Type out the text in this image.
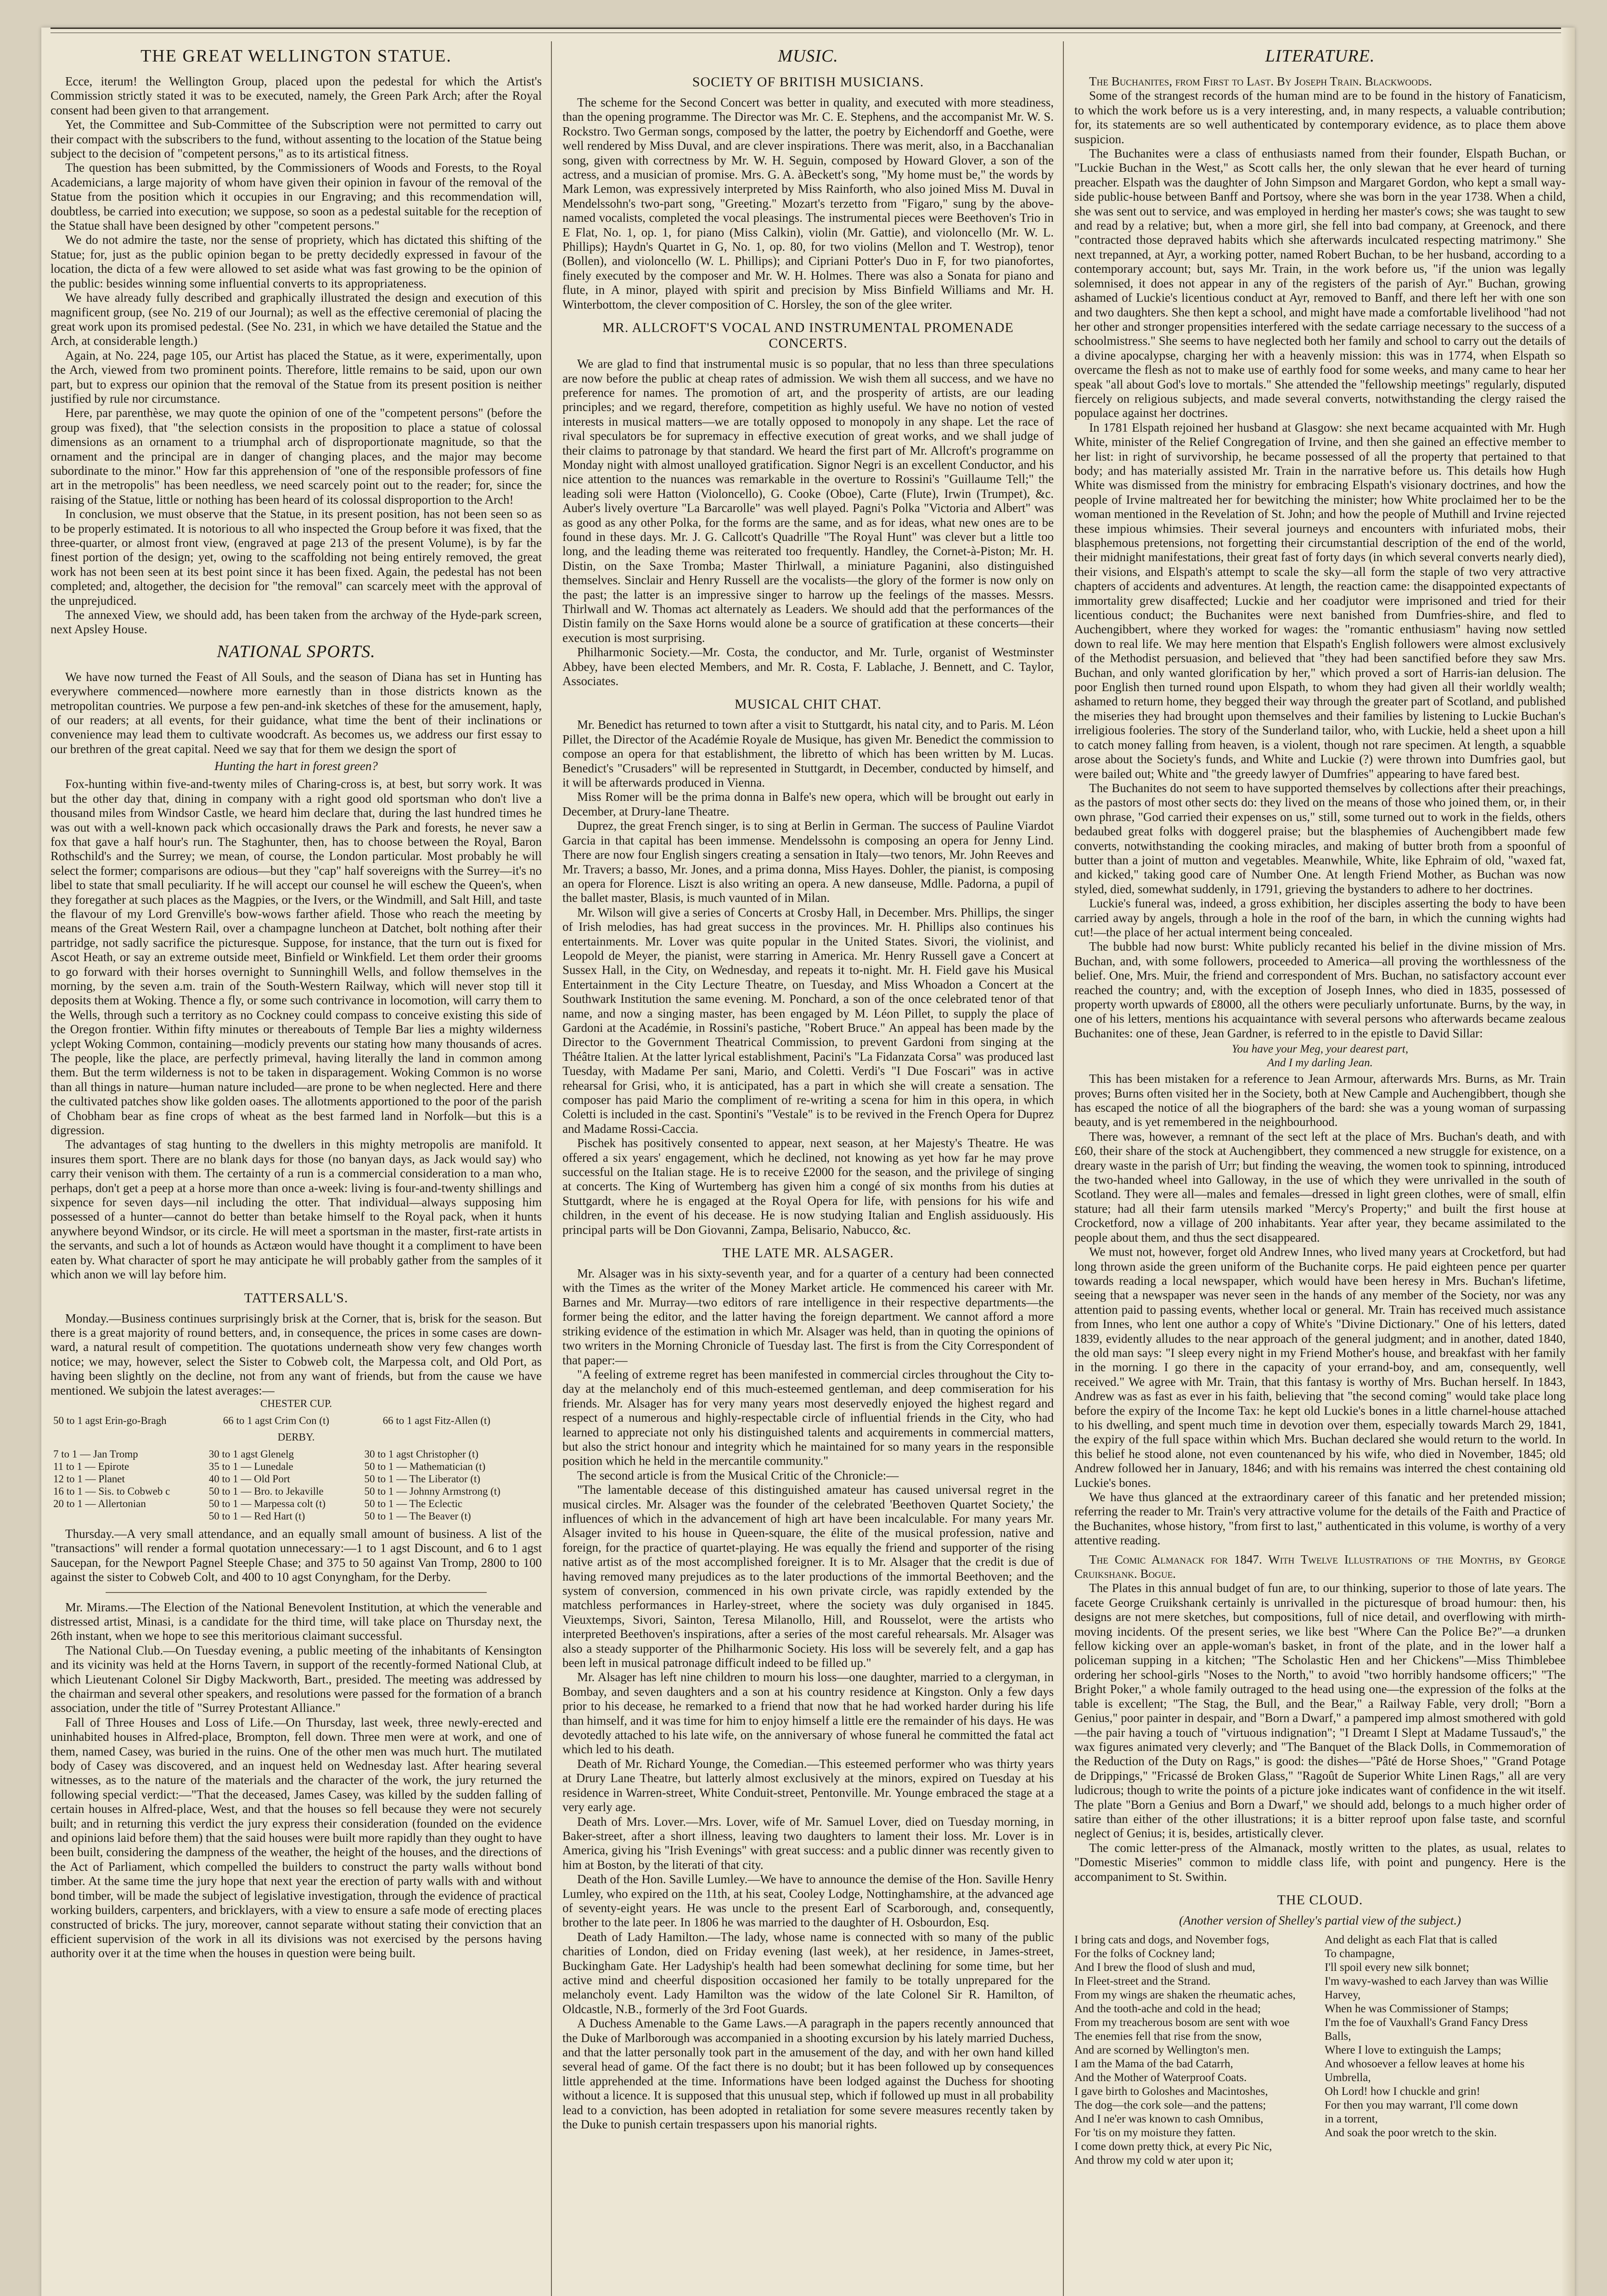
THE GREAT WELLINGTON STATUE.

Ecce, iterum! the Wellington Group, placed upon the pedestal for which the Artist's Commission strictly stated it was to be executed, namely, the Green Park Arch; after the Royal consent had been given to that arrangement.

Yet, the Committee and Sub-Committee of the Subscription were not permitted to carry out their compact with the subscribers to the fund, without assenting to the location of the Statue being subject to the decision of "competent persons," as to its artistical fitness.

The question has been submitted, by the Commissioners of Woods and Forests, to the Royal Academicians, a large majority of whom have given their opinion in favour of the removal of the Statue from the position which it occupies in our Engraving; and this recommendation will, doubtless, be carried into execution; we suppose, so soon as a pedestal suitable for the reception of the Statue shall have been designed by other "competent persons."

We do not admire the taste, nor the sense of propriety, which has dictated this shifting of the Statue; for, just as the public opinion began to be pretty decidedly expressed in favour of the location, the dicta of a few were allowed to set aside what was fast growing to be the opinion of the public: besides winning some influential converts to its appropriateness.

We have already fully described and graphically illustrated the design and execution of this magnificent group, (see No. 219 of our Journal); as well as the effective ceremonial of placing the great work upon its promised pedestal. (See No. 231, in which we have detailed the Statue and the Arch, at considerable length.)

Again, at No. 224, page 105, our Artist has placed the Statue, as it were, experimentally, upon the Arch, viewed from two prominent points. Therefore, little remains to be said, upon our own part, but to express our opinion that the removal of the Statue from its present position is neither justified by rule nor circumstance.

Here, par parenthèse, we may quote the opinion of one of the "competent persons" (before the group was fixed), that "the selection consists in the proposition to place a statue of colossal dimensions as an ornament to a triumphal arch of disproportionate magnitude, so that the ornament and the principal are in danger of changing places, and the major may become subordinate to the minor." How far this apprehension of "one of the responsible professors of fine art in the metropolis" has been needless, we need scarcely point out to the reader; for, since the raising of the Statue, little or nothing has been heard of its colossal disproportion to the Arch!

In conclusion, we must observe that the Statue, in its present position, has not been seen so as to be properly estimated. It is notorious to all who inspected the Group before it was fixed, that the three-quarter, or almost front view, (engraved at page 213 of the present Volume), is by far the finest portion of the design; yet, owing to the scaffolding not being entirely removed, the great work has not been seen at its best point since it has been fixed. Again, the pedestal has not been completed; and, altogether, the decision for "the removal" can scarcely meet with the approval of the unprejudiced.

The annexed View, we should add, has been taken from the archway of the Hyde-park screen, next Apsley House.

NATIONAL SPORTS.

We have now turned the Feast of All Souls, and the season of Diana has set in Hunting has everywhere commenced—nowhere more earnestly than in those districts known as the metropolitan countries. We purpose a few pen-and-ink sketches of these for the amusement, haply, of our readers; at all events, for their guidance, what time the bent of their inclinations or convenience may lead them to cultivate woodcraft. As becomes us, we address our first essay to our brethren of the great capital. Need we say that for them we design the sport of

Hunting the hart in forest green?

Fox-hunting within five-and-twenty miles of Charing-cross is, at best, but sorry work. It was but the other day that, dining in company with a right good old sportsman who don't live a thousand miles from Windsor Castle, we heard him declare that, during the last hundred times he was out with a well-known pack which occasionally draws the Park and forests, he never saw a fox that gave a half hour's run. The Staghunter, then, has to choose between the Royal, Baron Rothschild's and the Surrey; we mean, of course, the London particular. Most probably he will select the former; comparisons are odious—but they "cap" half sovereigns with the Surrey—it's no libel to state that small peculiarity. If he will accept our counsel he will eschew the Queen's, when they foregather at such places as the Magpies, or the Ivers, or the Windmill, and Salt Hill, and taste the flavour of my Lord Grenville's bow-wows farther afield. Those who reach the meeting by means of the Great Western Rail, over a champagne luncheon at Datchet, bolt nothing after their partridge, not sadly sacrifice the picturesque. Suppose, for instance, that the turn out is fixed for Ascot Heath, or say an extreme outside meet, Binfield or Winkfield. Let them order their grooms to go forward with their horses overnight to Sunninghill Wells, and follow themselves in the morning, by the seven a.m. train of the South-Western Railway, which will never stop till it deposits them at Woking. Thence a fly, or some such contrivance in locomotion, will carry them to the Wells, through such a territory as no Cockney could compass to conceive existing this side of the Oregon frontier. Within fifty minutes or thereabouts of Temple Bar lies a mighty wilderness yclept Woking Common, containing—modicly prevents our stating how many thousands of acres. The people, like the place, are perfectly primeval, having literally the land in common among them. But the term wilderness is not to be taken in disparagement. Woking Common is no worse than all things in nature—human nature included—are prone to be when neglected. Here and there the cultivated patches show like golden oases. The allotments apportioned to the poor of the parish of Chobham bear as fine crops of wheat as the best farmed land in Norfolk—but this is a digression.

The advantages of stag hunting to the dwellers in this mighty metropolis are manifold. It insures them sport. There are no blank days for those (no banyan days, as Jack would say) who carry their venison with them. The certainty of a run is a commercial consideration to a man who, perhaps, don't get a peep at a horse more than once a-week: living is four-and-twenty shillings and sixpence for seven days—nil including the otter. That individual—always supposing him possessed of a hunter—cannot do better than betake himself to the Royal pack, when it hunts anywhere beyond Windsor, or its circle. He will meet a sportsman in the master, first-rate artists in the servants, and such a lot of hounds as Actæon would have thought it a compliment to have been eaten by. What character of sport he may anticipate he will probably gather from the samples of it which anon we will lay before him.

TATTERSALL'S.

Monday.—Business continues surprisingly brisk at the Corner, that is, brisk for the season. But there is a great majority of round betters, and, in consequence, the prices in some cases are down-ward, a natural result of competition. The quotations underneath show very few changes worth notice; we may, however, select the Sister to Cobweb colt, the Marpessa colt, and Old Port, as having been slightly on the decline, not from any want of friends, but from the cause we have mentioned. We subjoin the latest averages:—

CHESTER CUP.
50 to 1 agst Erin-go-Bragh	66 to 1 agst Crim Con (t)	66 to 1 agst Fitz-Allen (t)
DERBY.
7 to 1 — Jan Tromp	30 to 1 agst Glenelg	30 to 1 agst Christopher (t)
11 to 1 — Epirote	35 to 1 — Lunedale	50 to 1 — Mathematician (t)
12 to 1 — Planet	40 to 1 — Old Port	50 to 1 — The Liberator (t)
16 to 1 — Sis. to Cobweb c	50 to 1 — Bro. to Jekaville	50 to 1 — Johnny Armstrong (t)
20 to 1 — Allertonian	50 to 1 — Marpessa colt (t)	50 to 1 — The Eclectic
	50 to 1 — Red Hart (t)	50 to 1 — The Beaver (t)

Thursday.—A very small attendance, and an equally small amount of business. A list of the "transactions" will render a formal quotation unnecessary:—1 to 1 agst Discount, and 6 to 1 agst Saucepan, for the Newport Pagnel Steeple Chase; and 375 to 50 against Van Tromp, 2800 to 100 against the sister to Cobweb Colt, and 400 to 10 agst Conyngham, for the Derby.

Mr. Mirams.—The Election of the National Benevolent Institution, at which the venerable and distressed artist, Minasi, is a candidate for the third time, will take place on Thursday next, the 26th instant, when we hope to see this meritorious claimant successful.

The National Club.—On Tuesday evening, a public meeting of the inhabitants of Kensington and its vicinity was held at the Horns Tavern, in support of the recently-formed National Club, at which Lieutenant Colonel Sir Digby Mackworth, Bart., presided. The meeting was addressed by the chairman and several other speakers, and resolutions were passed for the formation of a branch association, under the title of "Surrey Protestant Alliance."

Fall of Three Houses and Loss of Life.—On Thursday, last week, three newly-erected and uninhabited houses in Alfred-place, Brompton, fell down. Three men were at work, and one of them, named Casey, was buried in the ruins. One of the other men was much hurt. The mutilated body of Casey was discovered, and an inquest held on Wednesday last. After hearing several witnesses, as to the nature of the materials and the character of the work, the jury returned the following special verdict:—"That the deceased, James Casey, was killed by the sudden falling of certain houses in Alfred-place, West, and that the houses so fell because they were not securely built; and in returning this verdict the jury express their consideration (founded on the evidence and opinions laid before them) that the said houses were built more rapidly than they ought to have been built, considering the dampness of the weather, the height of the houses, and the directions of the Act of Parliament, which compelled the builders to construct the party walls without bond timber. At the same time the jury hope that next year the erection of party walls with and without bond timber, will be made the subject of legislative investigation, through the evidence of practical working builders, carpenters, and bricklayers, with a view to ensure a safe mode of erecting places constructed of bricks. The jury, moreover, cannot separate without stating their conviction that an efficient supervision of the work in all its divisions was not exercised by the persons having authority over it at the time when the houses in question were being built.

MUSIC.
SOCIETY OF BRITISH MUSICIANS.

The scheme for the Second Concert was better in quality, and executed with more steadiness, than the opening programme. The Director was Mr. C. E. Stephens, and the accompanist Mr. W. S. Rockstro. Two German songs, composed by the latter, the poetry by Eichendorff and Goethe, were well rendered by Miss Duval, and are clever inspirations. There was merit, also, in a Bacchanalian song, given with correctness by Mr. W. H. Seguin, composed by Howard Glover, a son of the actress, and a musician of promise. Mrs. G. A. àBeckett's song, "My home must be," the words by Mark Lemon, was expressively interpreted by Miss Rainforth, who also joined Miss M. Duval in Mendelssohn's two-part song, "Greeting." Mozart's terzetto from "Figaro," sung by the above-named vocalists, completed the vocal pleasings. The instrumental pieces were Beethoven's Trio in E Flat, No. 1, op. 1, for piano (Miss Calkin), violin (Mr. Gattie), and violoncello (Mr. W. L. Phillips); Haydn's Quartet in G, No. 1, op. 80, for two violins (Mellon and T. Westrop), tenor (Bollen), and violoncello (W. L. Phillips); and Cipriani Potter's Duo in F, for two pianofortes, finely executed by the composer and Mr. W. H. Holmes. There was also a Sonata for piano and flute, in A minor, played with spirit and precision by Miss Binfield Williams and Mr. H. Winterbottom, the clever composition of C. Horsley, the son of the glee writer.

MR. ALLCROFT'S VOCAL AND INSTRUMENTAL PROMENADE CONCERTS.

We are glad to find that instrumental music is so popular, that no less than three speculations are now before the public at cheap rates of admission. We wish them all success, and we have no preference for names. The promotion of art, and the prosperity of artists, are our leading principles; and we regard, therefore, competition as highly useful. We have no notion of vested interests in musical matters—we are totally opposed to monopoly in any shape. Let the race of rival speculators be for supremacy in effective execution of great works, and we shall judge of their claims to patronage by that standard. We heard the first part of Mr. Allcroft's programme on Monday night with almost unalloyed gratification. Signor Negri is an excellent Conductor, and his nice attention to the nuances was remarkable in the overture to Rossini's "Guillaume Tell;" the leading soli were Hatton (Violoncello), G. Cooke (Oboe), Carte (Flute), Irwin (Trumpet), &c. Auber's lively overture "La Barcarolle" was well played. Pagni's Polka "Victoria and Albert" was as good as any other Polka, for the forms are the same, and as for ideas, what new ones are to be found in these days. Mr. J. G. Callcott's Quadrille "The Royal Hunt" was clever but a little too long, and the leading theme was reiterated too frequently. Handley, the Cornet-à-Piston; Mr. H. Distin, on the Saxe Tromba; Master Thirlwall, a miniature Paganini, also distinguished themselves. Sinclair and Henry Russell are the vocalists—the glory of the former is now only on the past; the latter is an impressive singer to harrow up the feelings of the masses. Messrs. Thirlwall and W. Thomas act alternately as Leaders. We should add that the performances of the Distin family on the Saxe Horns would alone be a source of gratification at these concerts—their execution is most surprising.

Philharmonic Society.—Mr. Costa, the conductor, and Mr. Turle, organist of Westminster Abbey, have been elected Members, and Mr. R. Costa, F. Lablache, J. Bennett, and C. Taylor, Associates.

MUSICAL CHIT CHAT.

Mr. Benedict has returned to town after a visit to Stuttgardt, his natal city, and to Paris. M. Léon Pillet, the Director of the Académie Royale de Musique, has given Mr. Benedict the commission to compose an opera for that establishment, the libretto of which has been written by M. Lucas. Benedict's "Crusaders" will be represented in Stuttgardt, in December, conducted by himself, and it will be afterwards produced in Vienna.

Miss Romer will be the prima donna in Balfe's new opera, which will be brought out early in December, at Drury-lane Theatre.

Duprez, the great French singer, is to sing at Berlin in German. The success of Pauline Viardot Garcia in that capital has been immense. Mendelssohn is composing an opera for Jenny Lind. There are now four English singers creating a sensation in Italy—two tenors, Mr. John Reeves and Mr. Travers; a basso, Mr. Jones, and a prima donna, Miss Hayes. Dohler, the pianist, is composing an opera for Florence. Liszt is also writing an opera. A new danseuse, Mdlle. Padorna, a pupil of the ballet master, Blasis, is much vaunted of in Milan.

Mr. Wilson will give a series of Concerts at Crosby Hall, in December. Mrs. Phillips, the singer of Irish melodies, has had great success in the provinces. Mr. H. Phillips also continues his entertainments. Mr. Lover was quite popular in the United States. Sivori, the violinist, and Leopold de Meyer, the pianist, were starring in America. Mr. Henry Russell gave a Concert at Sussex Hall, in the City, on Wednesday, and repeats it to-night. Mr. H. Field gave his Musical Entertainment in the City Lecture Theatre, on Tuesday, and Miss Whoadon a Concert at the Southwark Institution the same evening. M. Ponchard, a son of the once celebrated tenor of that name, and now a singing master, has been engaged by M. Léon Pillet, to supply the place of Gardoni at the Académie, in Rossini's pastiche, "Robert Bruce." An appeal has been made by the Director to the Government Theatrical Commission, to prevent Gardoni from singing at the Théâtre Italien. At the latter lyrical establishment, Pacini's "La Fidanzata Corsa" was produced last Tuesday, with Madame Per sani, Mario, and Coletti. Verdi's "I Due Foscari" was in active rehearsal for Grisi, who, it is anticipated, has a part in which she will create a sensation. The composer has paid Mario the compliment of re-writing a scena for him in this opera, in which Coletti is included in the cast. Spontini's "Vestale" is to be revived in the French Opera for Duprez and Madame Rossi-Caccia.

Pischek has positively consented to appear, next season, at her Majesty's Theatre. He was offered a six years' engagement, which he declined, not knowing as yet how far he may prove successful on the Italian stage. He is to receive £2000 for the season, and the privilege of singing at concerts. The King of Wurtemberg has given him a congé of six months from his duties at Stuttgardt, where he is engaged at the Royal Opera for life, with pensions for his wife and children, in the event of his decease. He is now studying Italian and English assiduously. His principal parts will be Don Giovanni, Zampa, Belisario, Nabucco, &c.

THE LATE MR. ALSAGER.

Mr. Alsager was in his sixty-seventh year, and for a quarter of a century had been connected with the Times as the writer of the Money Market article. He commenced his career with Mr. Barnes and Mr. Murray—two editors of rare intelligence in their respective departments—the former being the editor, and the latter having the foreign department. We cannot afford a more striking evidence of the estimation in which Mr. Alsager was held, than in quoting the opinions of two writers in the Morning Chronicle of Tuesday last. The first is from the City Correspondent of that paper:—

"A feeling of extreme regret has been manifested in commercial circles throughout the City to-day at the melancholy end of this much-esteemed gentleman, and deep commiseration for his friends. Mr. Alsager has for very many years most deservedly enjoyed the highest regard and respect of a numerous and highly-respectable circle of influential friends in the City, who had learned to appreciate not only his distinguished talents and acquirements in commercial matters, but also the strict honour and integrity which he maintained for so many years in the responsible position which he held in the mercantile community."

The second article is from the Musical Critic of the Chronicle:—

"The lamentable decease of this distinguished amateur has caused universal regret in the musical circles. Mr. Alsager was the founder of the celebrated 'Beethoven Quartet Society,' the influences of which in the advancement of high art have been incalculable. For many years Mr. Alsager invited to his house in Queen-square, the élite of the musical profession, native and foreign, for the practice of quartet-playing. He was equally the friend and supporter of the rising native artist as of the most accomplished foreigner. It is to Mr. Alsager that the credit is due of having removed many prejudices as to the later productions of the immortal Beethoven; and the system of conversion, commenced in his own private circle, was rapidly extended by the matchless performances in Harley-street, where the society was duly organised in 1845. Vieuxtemps, Sivori, Sainton, Teresa Milanollo, Hill, and Rousselot, were the artists who interpreted Beethoven's inspirations, after a series of the most careful rehearsals. Mr. Alsager was also a steady supporter of the Philharmonic Society. His loss will be severely felt, and a gap has been left in musical patronage difficult indeed to be filled up."

Mr. Alsager has left nine children to mourn his loss—one daughter, married to a clergyman, in Bombay, and seven daughters and a son at his country residence at Kingston. Only a few days prior to his decease, he remarked to a friend that now that he had worked harder during his life than himself, and it was time for him to enjoy himself a little ere the remainder of his days. He was devotedly attached to his late wife, on the anniversary of whose funeral he committed the fatal act which led to his death.

Death of Mr. Richard Younge, the Comedian.—This esteemed performer who was thirty years at Drury Lane Theatre, but latterly almost exclusively at the minors, expired on Tuesday at his residence in Warren-street, White Conduit-street, Pentonville. Mr. Younge embraced the stage at a very early age.

Death of Mrs. Lover.—Mrs. Lover, wife of Mr. Samuel Lover, died on Tuesday morning, in Baker-street, after a short illness, leaving two daughters to lament their loss. Mr. Lover is in America, giving his "Irish Evenings" with great success: and a public dinner was recently given to him at Boston, by the literati of that city.

Death of the Hon. Saville Lumley.—We have to announce the demise of the Hon. Saville Henry Lumley, who expired on the 11th, at his seat, Cooley Lodge, Nottinghamshire, at the advanced age of seventy-eight years. He was uncle to the present Earl of Scarborough, and, consequently, brother to the late peer. In 1806 he was married to the daughter of H. Osbourdon, Esq.

Death of Lady Hamilton.—The lady, whose name is connected with so many of the public charities of London, died on Friday evening (last week), at her residence, in James-street, Buckingham Gate. Her Ladyship's health had been somewhat declining for some time, but her active mind and cheerful disposition occasioned her family to be totally unprepared for the melancholy event. Lady Hamilton was the widow of the late Colonel Sir R. Hamilton, of Oldcastle, N.B., formerly of the 3rd Foot Guards.

A Duchess Amenable to the Game Laws.—A paragraph in the papers recently announced that the Duke of Marlborough was accompanied in a shooting excursion by his lately married Duchess, and that the latter personally took part in the amusement of the day, and with her own hand killed several head of game. Of the fact there is no doubt; but it has been followed up by consequences little apprehended at the time. Informations have been lodged against the Duchess for shooting without a licence. It is supposed that this unusual step, which if followed up must in all probability lead to a conviction, has been adopted in retaliation for some severe measures recently taken by the Duke to punish certain trespassers upon his manorial rights.

LITERATURE.

The Buchanites, from First to Last. By Joseph Train. Blackwoods.

Some of the strangest records of the human mind are to be found in the history of Fanaticism, to which the work before us is a very interesting, and, in many respects, a valuable contribution; for, its statements are so well authenticated by contemporary evidence, as to place them above suspicion.

The Buchanites were a class of enthusiasts named from their founder, Elspath Buchan, or "Luckie Buchan in the West," as Scott calls her, the only slewan that he ever heard of turning preacher. Elspath was the daughter of John Simpson and Margaret Gordon, who kept a small way-side public-house between Banff and Portsoy, where she was born in the year 1738. When a child, she was sent out to service, and was employed in herding her master's cows; she was taught to sew and read by a relative; but, when a more girl, she fell into bad company, at Greenock, and there "contracted those depraved habits which she afterwards inculcated respecting matrimony." She next trepanned, at Ayr, a working potter, named Robert Buchan, to be her husband, according to a contemporary account; but, says Mr. Train, in the work before us, "if the union was legally solemnised, it does not appear in any of the registers of the parish of Ayr." Buchan, growing ashamed of Luckie's licentious conduct at Ayr, removed to Banff, and there left her with one son and two daughters. She then kept a school, and might have made a comfortable livelihood "had not her other and stronger propensities interfered with the sedate carriage necessary to the success of a schoolmistress." She seems to have neglected both her family and school to carry out the details of a divine apocalypse, charging her with a heavenly mission: this was in 1774, when Elspath so overcame the flesh as not to make use of earthly food for some weeks, and many came to hear her speak "all about God's love to mortals." She attended the "fellowship meetings" regularly, disputed fiercely on religious subjects, and made several converts, notwithstanding the clergy raised the populace against her doctrines.

In 1781 Elspath rejoined her husband at Glasgow: she next became acquainted with Mr. Hugh White, minister of the Relief Congregation of Irvine, and then she gained an effective member to her list: in right of survivorship, he became possessed of all the property that pertained to that body; and has materially assisted Mr. Train in the narrative before us. This details how Hugh White was dismissed from the ministry for embracing Elspath's visionary doctrines, and how the people of Irvine maltreated her for bewitching the minister; how White proclaimed her to be the woman mentioned in the Revelation of St. John; and how the people of Muthill and Irvine rejected these impious whimsies. Their several journeys and encounters with infuriated mobs, their blasphemous pretensions, not forgetting their circumstantial description of the end of the world, their midnight manifestations, their great fast of forty days (in which several converts nearly died), their visions, and Elspath's attempt to scale the sky—all form the staple of two very attractive chapters of accidents and adventures. At length, the reaction came: the disappointed expectants of immortality grew disaffected; Luckie and her coadjutor were imprisoned and tried for their licentious conduct; the Buchanites were next banished from Dumfries-shire, and fled to Auchengibbert, where they worked for wages: the "romantic enthusiasm" having now settled down to real life. We may here mention that Elspath's English followers were almost exclusively of the Methodist persuasion, and believed that "they had been sanctified before they saw Mrs. Buchan, and only wanted glorification by her," which proved a sort of Harris-ian delusion. The poor English then turned round upon Elspath, to whom they had given all their worldly wealth; ashamed to return home, they begged their way through the greater part of Scotland, and published the miseries they had brought upon themselves and their families by listening to Luckie Buchan's irreligious fooleries. The story of the Sunderland tailor, who, with Luckie, held a sheet upon a hill to catch money falling from heaven, is a violent, though not rare specimen. At length, a squabble arose about the Society's funds, and White and Luckie (?) were thrown into Dumfries gaol, but were bailed out; White and "the greedy lawyer of Dumfries" appearing to have fared best.

The Buchanites do not seem to have supported themselves by collections after their preachings, as the pastors of most other sects do: they lived on the means of those who joined them, or, in their own phrase, "God carried their expenses on us," still, some turned out to work in the fields, others bedaubed great folks with doggerel praise; but the blasphemies of Auchengibbert made few converts, notwithstanding the cooking miracles, and making of butter broth from a spoonful of butter than a joint of mutton and vegetables. Meanwhile, White, like Ephraim of old, "waxed fat, and kicked," taking good care of Number One. At length Friend Mother, as Buchan was now styled, died, somewhat suddenly, in 1791, grieving the bystanders to adhere to her doctrines.

Luckie's funeral was, indeed, a gross exhibition, her disciples asserting the body to have been carried away by angels, through a hole in the roof of the barn, in which the cunning wights had cut!—the place of her actual interment being concealed.

The bubble had now burst: White publicly recanted his belief in the divine mission of Mrs. Buchan, and, with some followers, proceeded to America—all proving the worthlessness of the belief. One, Mrs. Muir, the friend and correspondent of Mrs. Buchan, no satisfactory account ever reached the country; and, with the exception of Joseph Innes, who died in 1835, possessed of property worth upwards of £8000, all the others were peculiarly unfortunate. Burns, by the way, in one of his letters, mentions his acquaintance with several persons who afterwards became zealous Buchanites: one of these, Jean Gardner, is referred to in the epistle to David Sillar:

You have your Meg, your dearest part,
And I my darling Jean.

This has been mistaken for a reference to Jean Armour, afterwards Mrs. Burns, as Mr. Train proves; Burns often visited her in the Society, both at New Cample and Auchengibbert, though she has escaped the notice of all the biographers of the bard: she was a young woman of surpassing beauty, and is yet remembered in the neighbourhood.

There was, however, a remnant of the sect left at the place of Mrs. Buchan's death, and with £60, their share of the stock at Auchengibbert, they commenced a new struggle for existence, on a dreary waste in the parish of Urr; but finding the weaving, the women took to spinning, introduced the two-handed wheel into Galloway, in the use of which they were unrivalled in the south of Scotland. They were all—males and females—dressed in light green clothes, were of small, elfin stature; had all their farm utensils marked "Mercy's Property;" and built the first house at Crocketford, now a village of 200 inhabitants. Year after year, they became assimilated to the people about them, and thus the sect disappeared.

We must not, however, forget old Andrew Innes, who lived many years at Crocketford, but had long thrown aside the green uniform of the Buchanite corps. He paid eighteen pence per quarter towards reading a local newspaper, which would have been heresy in Mrs. Buchan's lifetime, seeing that a newspaper was never seen in the hands of any member of the Society, nor was any attention paid to passing events, whether local or general. Mr. Train has received much assistance from Innes, who lent one author a copy of White's "Divine Dictionary." One of his letters, dated 1839, evidently alludes to the near approach of the general judgment; and in another, dated 1840, the old man says: "I sleep every night in my Friend Mother's house, and breakfast with her family in the morning. I go there in the capacity of your errand-boy, and am, consequently, well received." We agree with Mr. Train, that this fantasy is worthy of Mrs. Buchan herself. In 1843, Andrew was as fast as ever in his faith, believing that "the second coming" would take place long before the expiry of the Income Tax: he kept old Luckie's bones in a little charnel-house attached to his dwelling, and spent much time in devotion over them, especially towards March 29, 1841, the expiry of the full space within which Mrs. Buchan declared she would return to the world. In this belief he stood alone, not even countenanced by his wife, who died in November, 1845; old Andrew followed her in January, 1846; and with his remains was interred the chest containing old Luckie's bones.

We have thus glanced at the extraordinary career of this fanatic and her pretended mission; referring the reader to Mr. Train's very attractive volume for the details of the Faith and Practice of the Buchanites, whose history, "from first to last," authenticated in this volume, is worthy of a very attentive reading.

The Comic Almanack for 1847. With Twelve Illustrations of the Months, by George Cruikshank. Bogue.

The Plates in this annual budget of fun are, to our thinking, superior to those of late years. The facete George Cruikshank certainly is unrivalled in the picturesque of broad humour: then, his designs are not mere sketches, but compositions, full of nice detail, and overflowing with mirth-moving incidents. Of the present series, we like best "Where Can the Police Be?"—a drunken fellow kicking over an apple-woman's basket, in front of the plate, and in the lower half a policeman supping in a kitchen; "The Scholastic Hen and her Chickens"—Miss Thimblebee ordering her school-girls "Noses to the North," to avoid "two horribly handsome officers;" "The Bright Poker," a whole family outraged to the head using one—the expression of the folks at the table is excellent; "The Stag, the Bull, and the Bear," a Railway Fable, very droll; "Born a Genius," poor painter in despair, and "Born a Dwarf," a pampered imp almost smothered with gold—the pair having a touch of "virtuous indignation"; "I Dreamt I Slept at Madame Tussaud's," the wax figures animated very cleverly; and "The Banquet of the Black Dolls, in Commemoration of the Reduction of the Duty on Rags," is good: the dishes—"Pâté de Horse Shoes," "Grand Potage de Drippings," "Fricassé de Broken Glass," "Ragoût de Superior White Linen Rags," all are very ludicrous; though to write the points of a picture joke indicates want of confidence in the wit itself. The plate "Born a Genius and Born a Dwarf," we should add, belongs to a much higher order of satire than either of the other illustrations; it is a bitter reproof upon false taste, and scornful neglect of Genius; it is, besides, artistically clever.

The comic letter-press of the Almanack, mostly written to the plates, as usual, relates to "Domestic Miseries" common to middle class life, with point and pungency. Here is the accompaniment to St. Swithin.

THE CLOUD.
(Another version of Shelley's partial view of the subject.)
I bring cats and dogs, and November fogs,
For the folks of Cockney land;
And I brew the flood of slush and mud,
In Fleet-street and the Strand.
From my wings are shaken the rheumatic aches,
And the tooth-ache and cold in the head;
From my treacherous bosom are sent with woe
The enemies fell that rise from the snow,
And are scorned by Wellington's men.
I am the Mama of the bad Catarrh,
And the Mother of Waterproof Coats.
I gave birth to Goloshes and Macintoshes,
The dog—the cork sole—and the pattens;
And I ne'er was known to cash Omnibus,
For 'tis on my moisture they fatten.
I come down pretty thick, at every Pic Nic,
And throw my cold w ater upon it;
And delight as each Flat that is called
To champagne,
I'll spoil every new silk bonnet;
I'm wavy-washed to each Jarvey than was Willie
Harvey,
When he was Commissioner of Stamps;
I'm the foe of Vauxhall's Grand Fancy Dress
Balls,
Where I love to extinguish the Lamps;
And whosoever a fellow leaves at home his
Umbrella,
Oh Lord! how I chuckle and grin!
For then you may warrant, I'll come down
in a torrent,
And soak the poor wretch to the skin.
